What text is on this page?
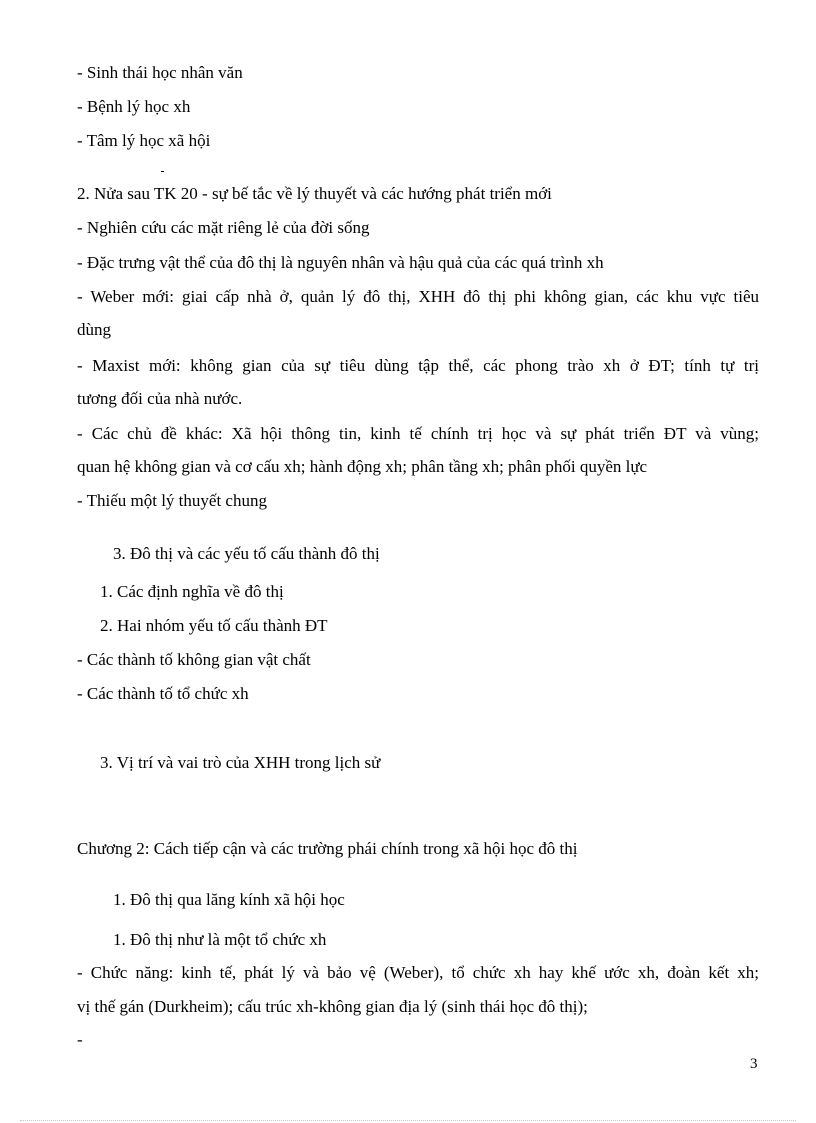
- Sinh thái học nhân văn
- Bệnh lý học xh
- Tâm lý học xã hội
2. Nửa sau TK 20 - sự bế tắc về lý thuyết và các hướng phát triển mới
- Nghiên cứu các mặt riêng lẻ của đời sống
- Đặc trưng vật thể của đô thị là nguyên nhân và hậu quả của các quá trình xh
- Weber mới: giai cấp nhà ở, quản lý đô thị, XHH đô thị phi không gian, các khu vực tiêu
dùng
- Maxist mới: không gian của sự tiêu dùng tập thể, các phong trào xh ở ĐT; tính tự trị
tương đối của nhà nước.
- Các chủ đề khác: Xã hội thông tin, kinh tế chính trị học và sự phát triển ĐT và vùng;
quan hệ không gian và cơ cấu xh; hành động xh; phân tầng xh; phân phối quyền lực
- Thiếu một lý thuyết chung
3. Đô thị và các yếu tố cấu thành đô thị
1. Các định nghĩa về đô thị
2. Hai nhóm yếu tố cấu thành ĐT
- Các thành tố không gian vật chất
- Các thành tố tổ chức xh
3. Vị trí và vai trò của XHH trong lịch sử
Chương 2: Cách tiếp cận và các trường phái chính trong xã hội học đô thị
1. Đô thị qua lăng kính xã hội học
1. Đô thị như là một tổ chức xh
- Chức năng: kinh tế, phát lý và bảo vệ (Weber), tổ chức xh hay khế ước xh, đoàn kết xh;
vị thế gán (Durkheim); cấu trúc xh-không gian địa lý (sinh thái học đô thị);
-
3
